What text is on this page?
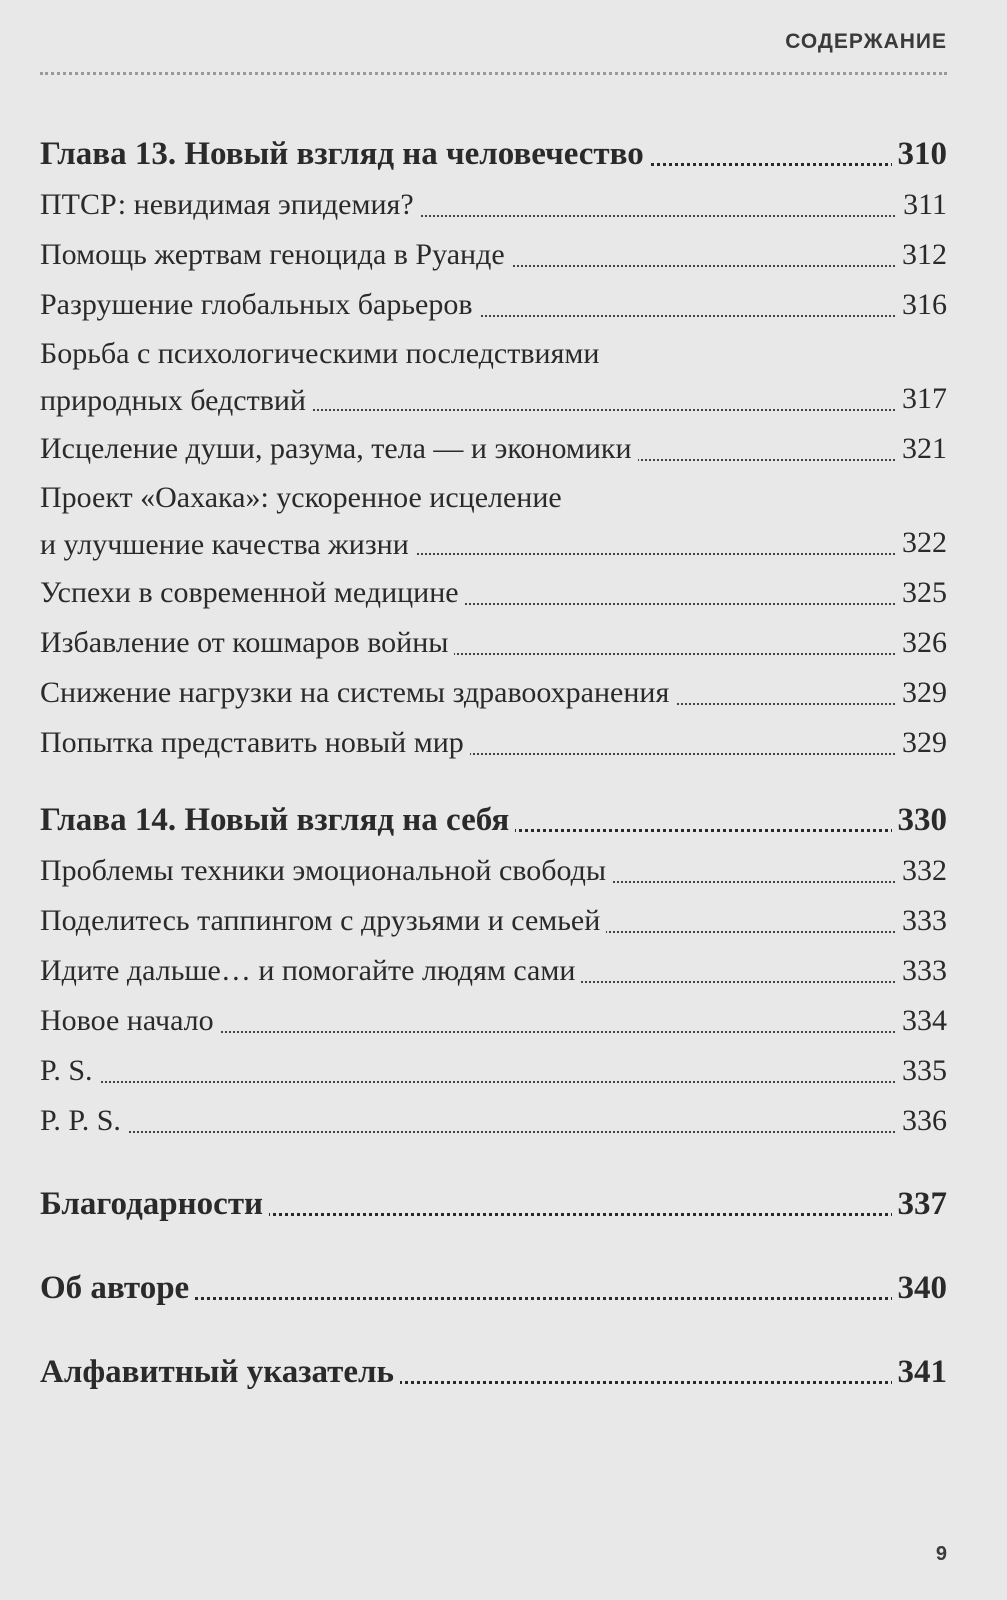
СОДЕРЖАНИЕ
Глава 13. Новый взгляд на человечество	310
ПТСР: невидимая эпидемия?	311
Помощь жертвам геноцида в Руанде	312
Разрушение глобальных барьеров	316
Борьба с психологическими последствиями
природных бедствий	317
Исцеление души, разума, тела — и экономики	321
Проект «Оахака»: ускоренное исцеление
и улучшение качества жизни	322
Успехи в современной медицине	325
Избавление от кошмаров войны	326
Снижение нагрузки на системы здравоохранения	329
Попытка представить новый мир	329
Глава 14. Новый взгляд на себя	330
Проблемы техники эмоциональной свободы	332
Поделитесь таппингом с друзьями и семьей	333
Идите дальше… и помогайте людям сами	333
Новое начало	334
P. S.	335
P. P. S.	336
Благодарности	337
Об авторе	340
Алфавитный указатель	341
9
